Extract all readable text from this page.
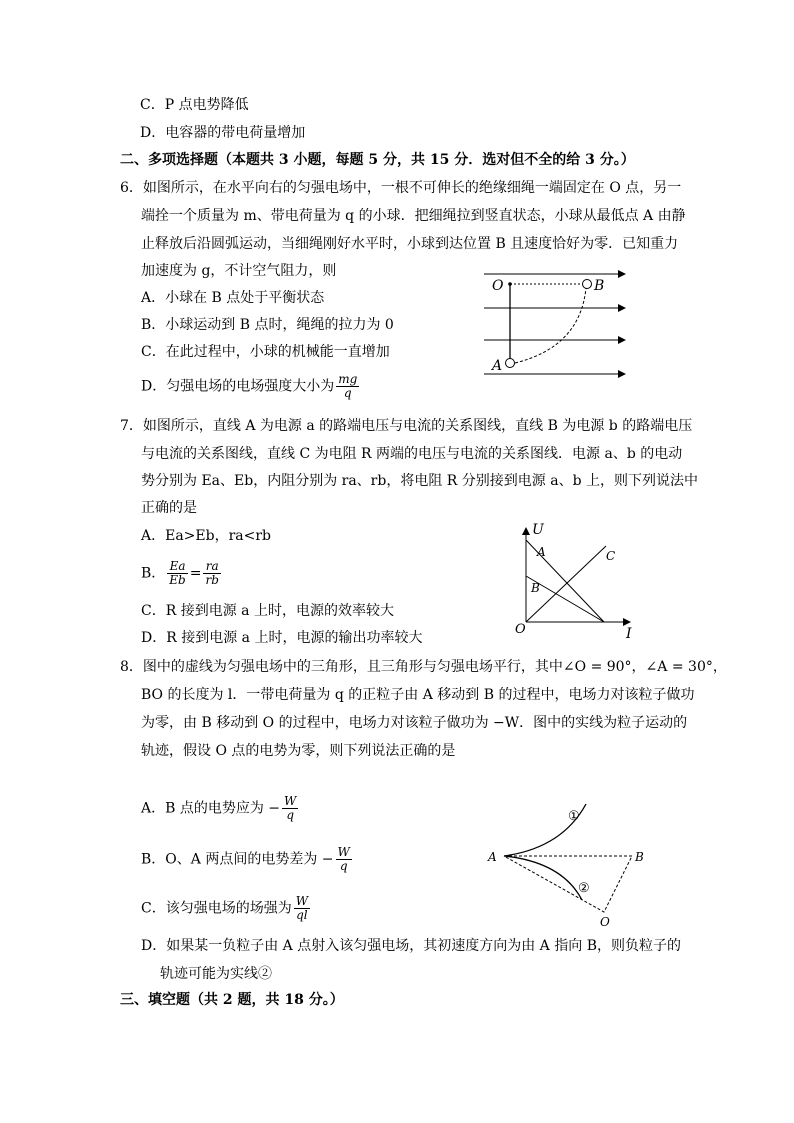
C．P 点电势降低
D．电容器的带电荷量增加
二、多项选择题（本题共 3 小题，每题 5 分，共 15 分．选对但不全的给 3 分。）
6．如图所示，在水平向右的匀强电场中，一根不可伸长的绝缘细绳一端固定在 O 点，另一
端拴一个质量为 m、带电荷量为 q 的小球．把细绳拉到竖直状态，小球从最低点 A 由静
止释放后沿圆弧运动，当细绳刚好水平时，小球到达位置 B 且速度恰好为零．已知重力
加速度为 g，不计空气阻力，则
A．小球在 B 点处于平衡状态
B．小球运动到 B 点时，绳绳的拉力为 0
C．在此过程中，小球的机械能一直增加
D．匀强电场的电场强度大小为 $\frac{mg}{q}$
O	B
A
7．如图所示，直线 A 为电源 a 的路端电压与电流的关系图线，直线 B 为电源 b 的路端电压
与电流的关系图线，直线 C 为电阻 R 两端的电压与电流的关系图线．电源 a、b 的电动
势分别为 Ea、Eb，内阻分别为 ra、rb，将电阻 R 分别接到电源 a、b 上，则下列说法中
正确的是
A．Ea>Eb，ra<rb
B． $\frac{Ea}{Eb} = \frac{ra}{rb}$
C．R 接到电源 a 上时，电源的效率较大
D．R 接到电源 a 上时，电源的输出功率较大
U
I
O
A
B
C
8．图中的虚线为匀强电场中的三角形，且三角形与匀强电场平行，其中∠O = 90°，∠A = 30°，
BO 的长度为 l．一带电荷量为 q 的正粒子由 A 移动到 B 的过程中，电场力对该粒子做功
为零，由 B 移动到 O 的过程中，电场力对该粒子做功为 −W．图中的实线为粒子运动的
轨迹，假设 O 点的电势为零，则下列说法正确的是
A．B 点的电势应为 − $\frac{W}{q}$
B．O、A 两点间的电势差为 − $\frac{W}{q}$
C．该匀强电场的场强为 $\frac{W}{ql}$
D．如果某一负粒子由 A 点射入该匀强电场，其初速度方向为由 A 指向 B，则负粒子的
轨迹可能为实线②
A	B
O
①
②
三、填空题（共 2 题，共 18 分。）
